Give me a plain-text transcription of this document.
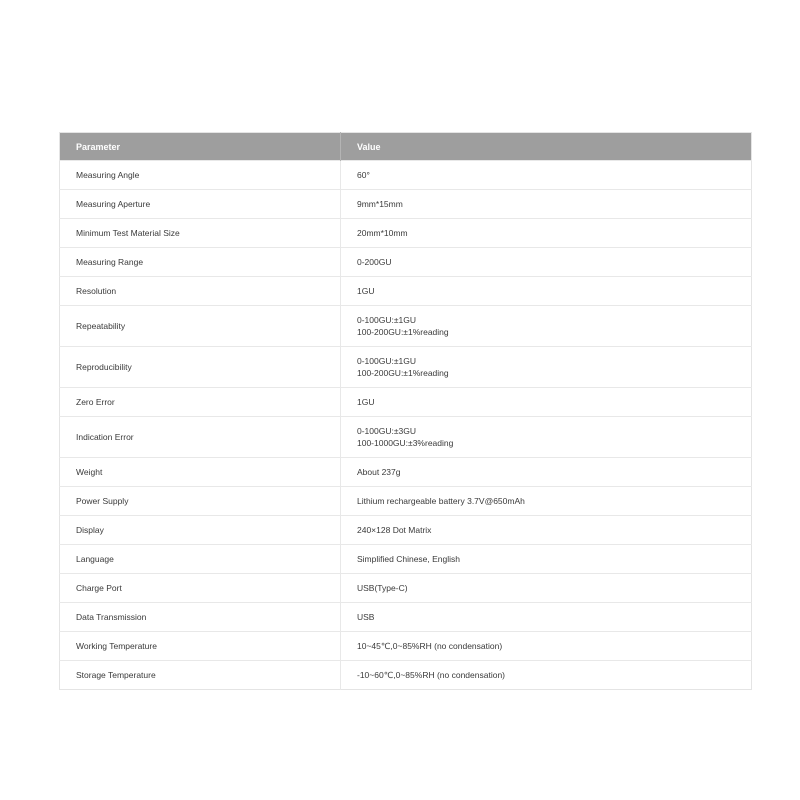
Parameter	Value
Measuring Angle	60°

Measuring Aperture	9mm*15mm

Minimum Test Material Size	20mm*10mm

Measuring Range	0-200GU

Resolution	1GU

Repeatability	0-100GU:±1GU
100-200GU:±1%reading

Reproducibility	0-100GU:±1GU
100-200GU:±1%reading

Zero Error	1GU

Indication Error	0-100GU:±3GU
100-1000GU:±3%reading

Weight	About 237g

Power Supply	Lithium rechargeable battery 3.7V@650mAh

Display	240×128 Dot Matrix

Language	Simplified Chinese, English

Charge Port	USB(Type-C)

Data Transmission	USB

Working Temperature	10~45℃,0~85%RH (no condensation)

Storage Temperature	-10~60℃,0~85%RH (no condensation)
